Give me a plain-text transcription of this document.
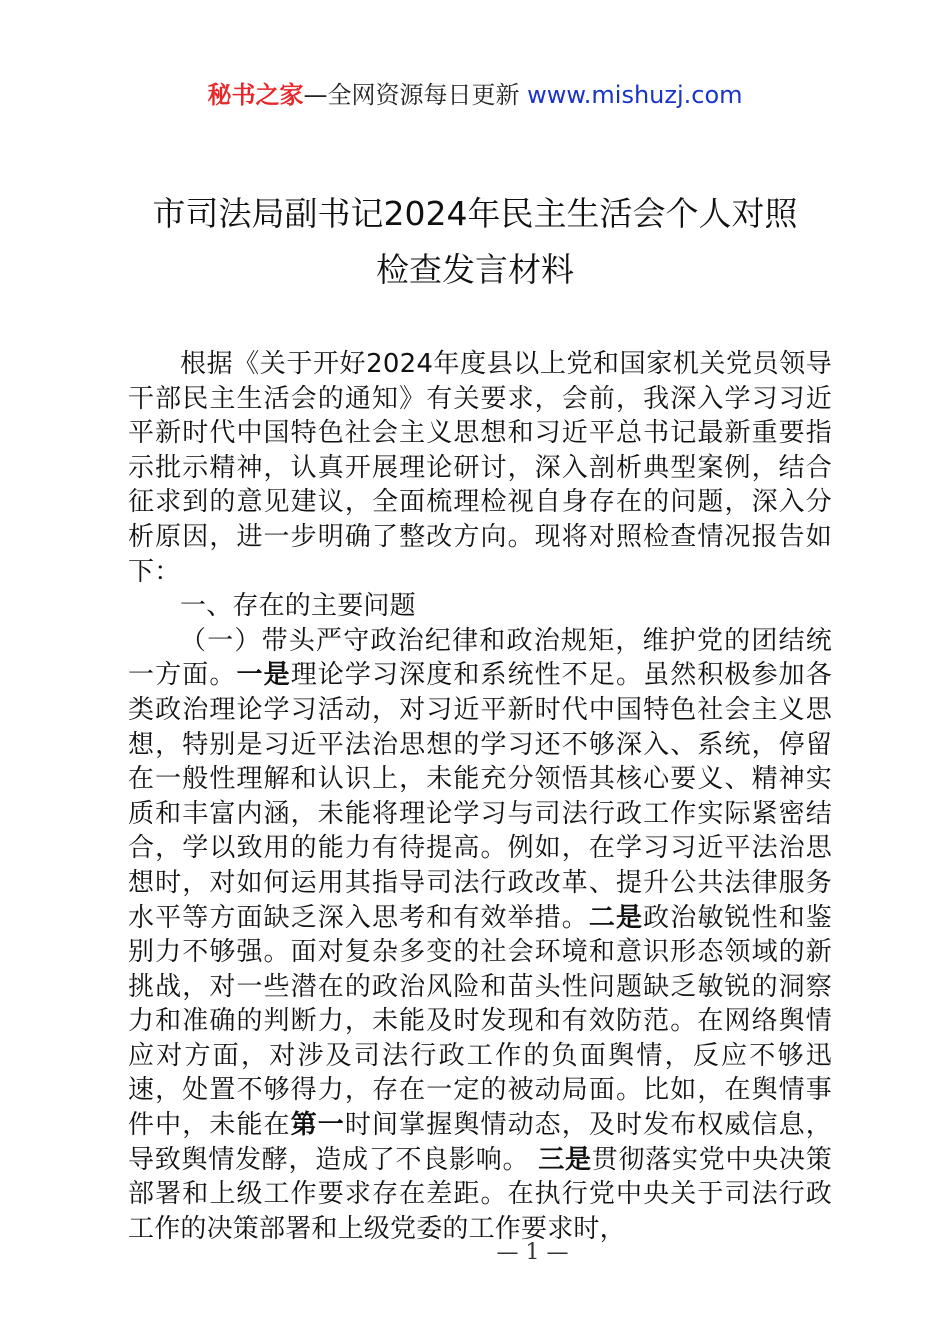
秘书之家—全网资源每日更新 www.mishuzj.com
市司法局副书记2024年民主生活会个人对照
检查发言材料

根据《关于开好2024年度县以上党和国家机关党员领导干部民主生活会的通知》有关要求，会前，我深入学习习近平新时代中国特色社会主义思想和习近平总书记最新重要指示批示精神，认真开展理论研讨，深入剖析典型案例，结合征求到的意见建议，全面梳理检视自身存在的问题，深入分析原因，进一步明确了整改方向。现将对照检查情况报告如下：

一、存在的主要问题

（一）带头严守政治纪律和政治规矩，维护党的团结统一方面。一是理论学习深度和系统性不足。虽然积极参加各类政治理论学习活动，对习近平新时代中国特色社会主义思想，特别是习近平法治思想的学习还不够深入、系统，停留在一般性理解和认识上，未能充分领悟其核心要义、精神实质和丰富内涵，未能将理论学习与司法行政工作实际紧密结合，学以致用的能力有待提高。例如，在学习习近平法治思想时，对如何运用其指导司法行政改革、提升公共法律服务水平等方面缺乏深入思考和有效举措。二是政治敏锐性和鉴别力不够强。面对复杂多变的社会环境和意识形态领域的新挑战，对一些潜在的政治风险和苗头性问题缺乏敏锐的洞察力和准确的判断力，未能及时发现和有效防范。在网络舆情应对方面，对涉及司法行政工作的负面舆情，反应不够迅速，处置不够得力，存在一定的被动局面。比如，在舆情事件中，未能在第一时间掌握舆情动态，及时发布权威信息，导致舆情发酵，造成了不良影响。 三是贯彻落实党中央决策部署和上级工作要求存在差距。在执行党中央关于司法行政工作的决策部署和上级党委的工作要求时，

— 1 —
